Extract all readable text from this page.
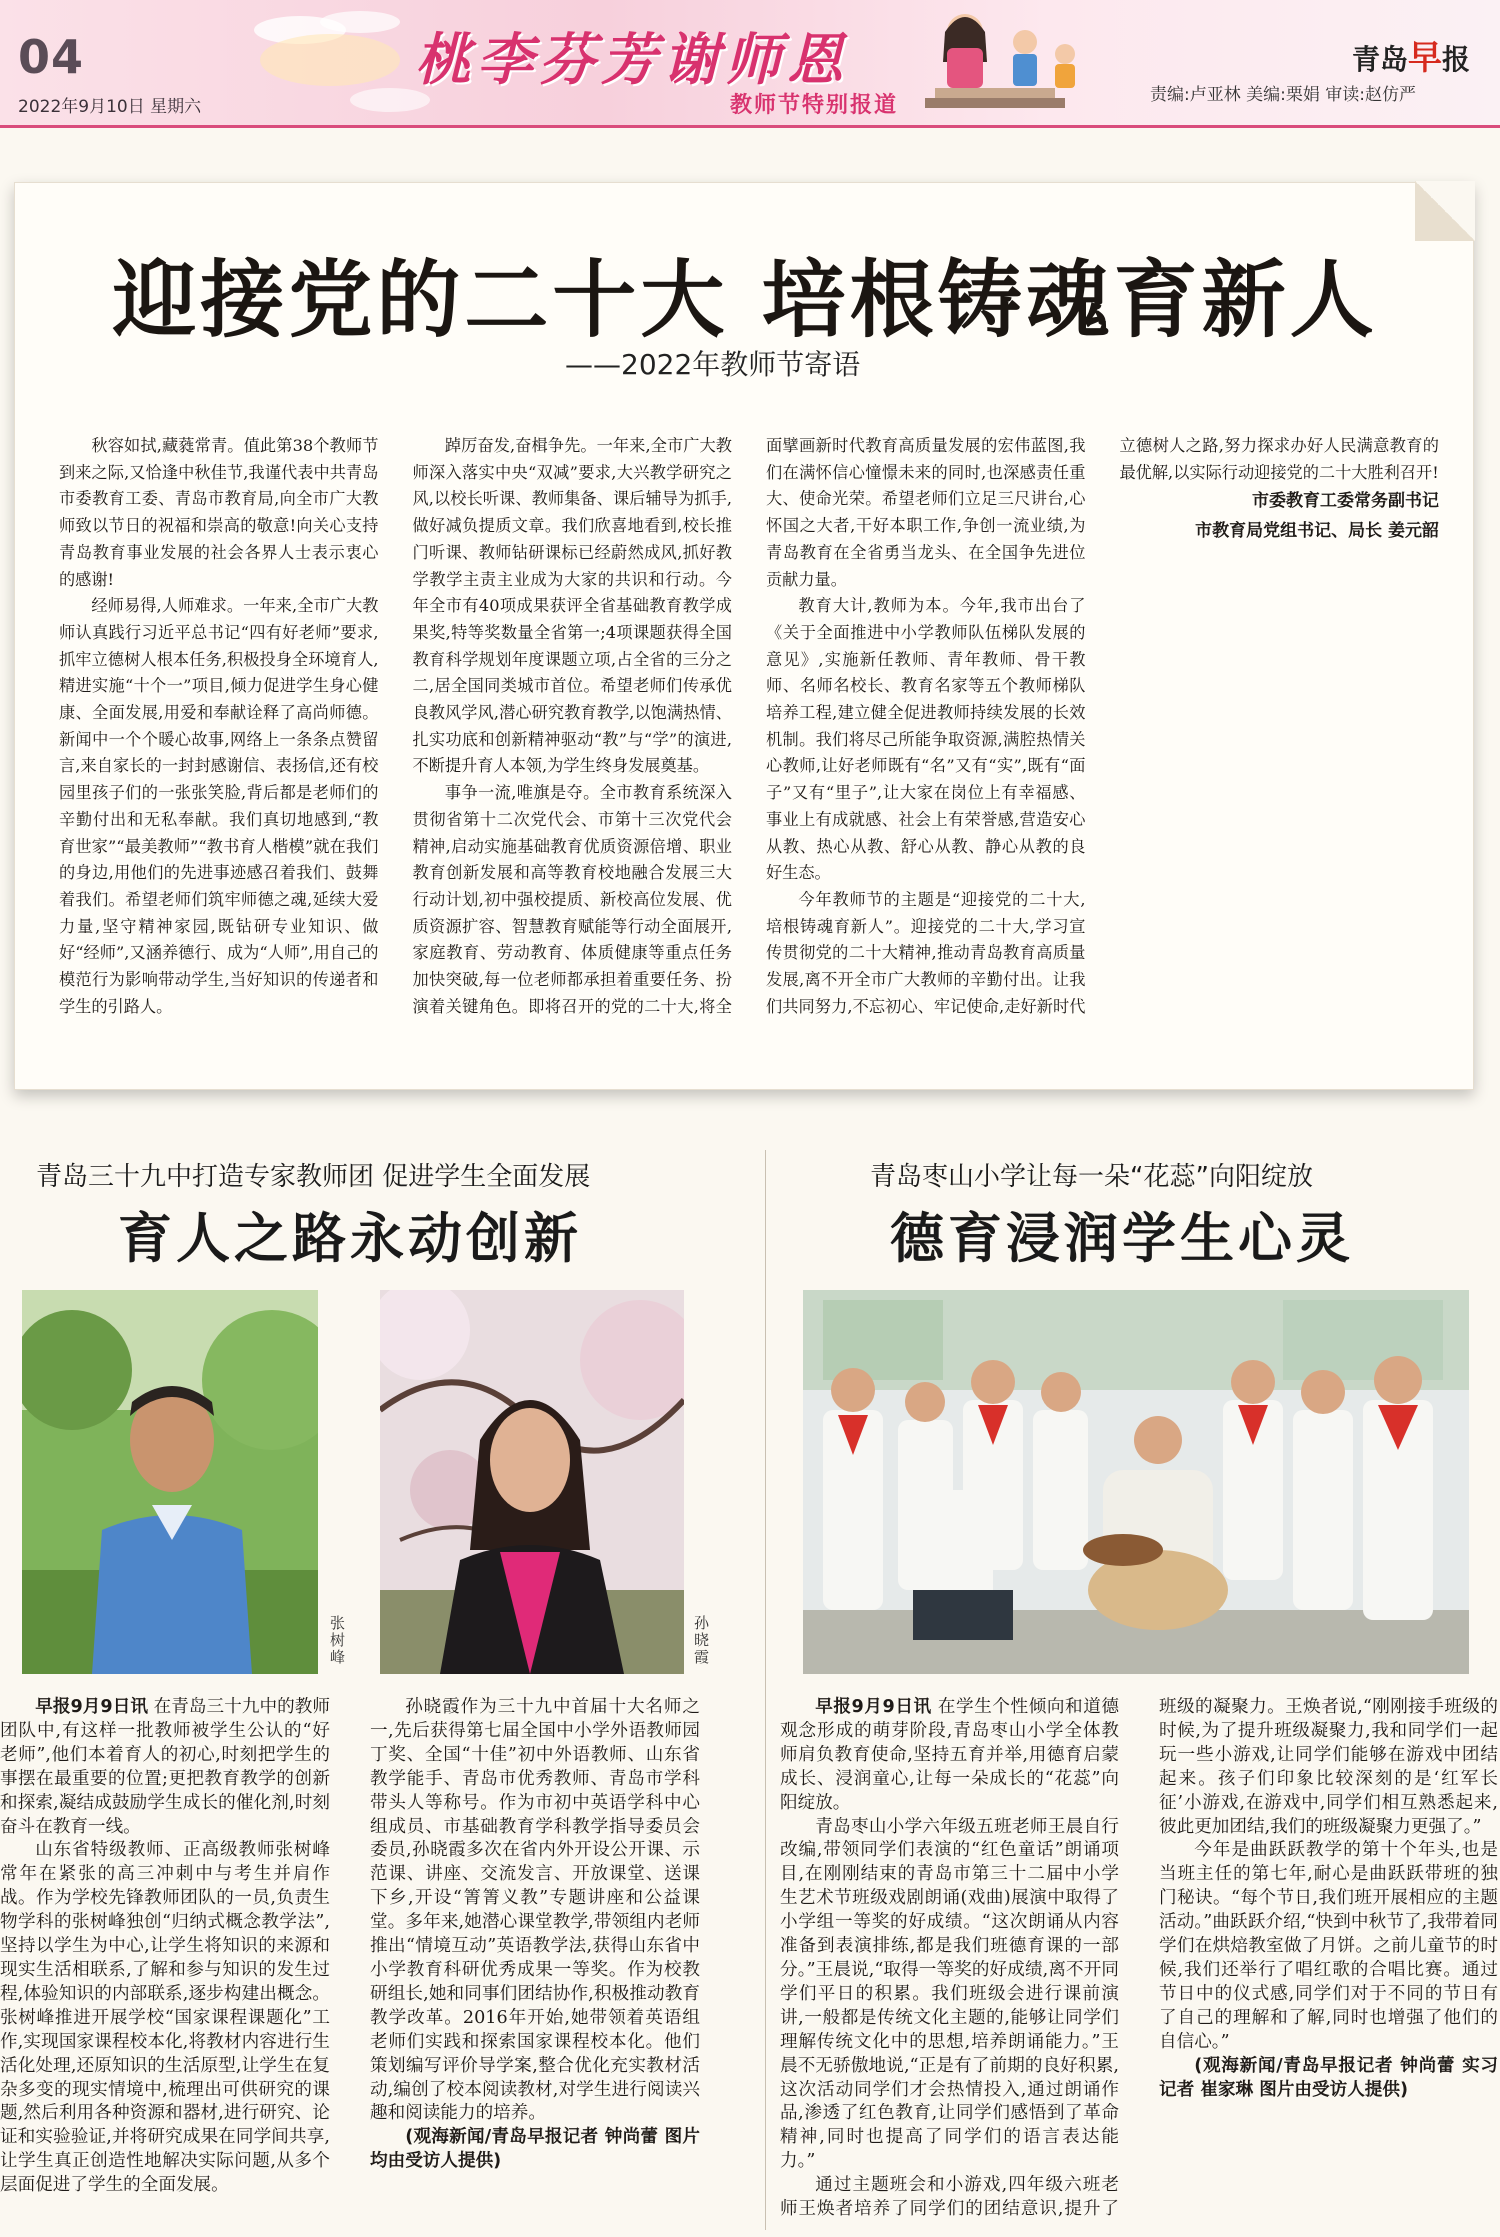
04
2022年9月10日 星期六
桃李芬芳谢师恩
教师节特别报道
青岛早报
责编:卢亚林 美编:栗娟 审读:赵仿严
迎接党的二十大 培根铸魂育新人
——2022年教师节寄语

秋容如拭,藏蕤常青。值此第38个教师节到来之际,又恰逢中秋佳节,我谨代表中共青岛市委教育工委、青岛市教育局,向全市广大教师致以节日的祝福和崇高的敬意!向关心支持青岛教育事业发展的社会各界人士表示衷心的感谢!

经师易得,人师难求。一年来,全市广大教师认真践行习近平总书记“四有好老师”要求,抓牢立德树人根本任务,积极投身全环境育人,精进实施“十个一”项目,倾力促进学生身心健康、全面发展,用爱和奉献诠释了高尚师德。新闻中一个个暖心故事,网络上一条条点赞留言,来自家长的一封封感谢信、表扬信,还有校园里孩子们的一张张笑脸,背后都是老师们的辛勤付出和无私奉献。我们真切地感到,“教育世家”“最美教师”“教书育人楷模”就在我们的身边,用他们的先进事迹感召着我们、鼓舞着我们。希望老师们筑牢师德之魂,延续大爱力量,坚守精神家园,既钻研专业知识、做好“经师”,又涵养德行、成为“人师”,用自己的模范行为影响带动学生,当好知识的传递者和学生的引路人。

踔厉奋发,奋楫争先。一年来,全市广大教师深入落实中央“双减”要求,大兴教学研究之风,以校长听课、教师集备、课后辅导为抓手,做好减负提质文章。我们欣喜地看到,校长推门听课、教师钻研课标已经蔚然成风,抓好教学教学主责主业成为大家的共识和行动。今年全市有40项成果获评全省基础教育教学成果奖,特等奖数量全省第一;4项课题获得全国教育科学规划年度课题立项,占全省的三分之二,居全国同类城市首位。希望老师们传承优良教风学风,潜心研究教育教学,以饱满热情、扎实功底和创新精神驱动“教”与“学”的演进,不断提升育人本领,为学生终身发展奠基。

事争一流,唯旗是夺。全市教育系统深入贯彻省第十二次党代会、市第十三次党代会精神,启动实施基础教育优质资源倍增、职业教育创新发展和高等教育校地融合发展三大行动计划,初中强校提质、新校高位发展、优质资源扩容、智慧教育赋能等行动全面展开,家庭教育、劳动教育、体质健康等重点任务加快突破,每一位老师都承担着重要任务、扮演着关键角色。即将召开的党的二十大,将全面擘画新时代教育高质量发展的宏伟蓝图,我们在满怀信心憧憬未来的同时,也深感责任重大、使命光荣。希望老师们立足三尺讲台,心怀国之大者,干好本职工作,争创一流业绩,为青岛教育在全省勇当龙头、在全国争先进位贡献力量。

教育大计,教师为本。今年,我市出台了《关于全面推进中小学教师队伍梯队发展的意见》,实施新任教师、青年教师、骨干教师、名师名校长、教育名家等五个教师梯队培养工程,建立健全促进教师持续发展的长效机制。我们将尽己所能争取资源,满腔热情关心教师,让好老师既有“名”又有“实”,既有“面子”又有“里子”,让大家在岗位上有幸福感、事业上有成就感、社会上有荣誉感,营造安心从教、热心从教、舒心从教、静心从教的良好生态。

今年教师节的主题是“迎接党的二十大,培根铸魂育新人”。迎接党的二十大,学习宣传贯彻党的二十大精神,推动青岛教育高质量发展,离不开全市广大教师的辛勤付出。让我们共同努力,不忘初心、牢记使命,走好新时代立德树人之路,努力探求办好人民满意教育的最优解,以实际行动迎接党的二十大胜利召开!

市委教育工委常务副书记

市教育局党组书记、局长 姜元韶

青岛三十九中打造专家教师团 促进学生全面发展
育人之路永动创新
张树峰
孙晓霞

早报9月9日讯 在青岛三十九中的教师团队中,有这样一批教师被学生公认的“好老师”,他们本着育人的初心,时刻把学生的事摆在最重要的位置;更把教育教学的创新和探索,凝结成鼓励学生成长的催化剂,时刻奋斗在教育一线。

山东省特级教师、正高级教师张树峰常年在紧张的高三冲刺中与考生并肩作战。作为学校先锋教师团队的一员,负责生物学科的张树峰独创“归纳式概念教学法”,坚持以学生为中心,让学生将知识的来源和现实生活相联系,了解和参与知识的发生过程,体验知识的内部联系,逐步构建出概念。张树峰推进开展学校“国家课程课题化”工作,实现国家课程校本化,将教材内容进行生活化处理,还原知识的生活原型,让学生在复杂多变的现实情境中,梳理出可供研究的课题,然后利用各种资源和器材,进行研究、论证和实验验证,并将研究成果在同学间共享,让学生真正创造性地解决实际问题,从多个层面促进了学生的全面发展。

孙晓霞作为三十九中首届十大名师之一,先后获得第七届全国中小学外语教师园丁奖、全国“十佳”初中外语教师、山东省教学能手、青岛市优秀教师、青岛市学科带头人等称号。作为市初中英语学科中心组成员、市基础教育学科教学指导委员会委员,孙晓霞多次在省内外开设公开课、示范课、讲座、交流发言、开放课堂、送课下乡,开设“箐箐义教”专题讲座和公益课堂。多年来,她潜心课堂教学,带领组内老师推出“情境互动”英语教学法,获得山东省中小学教育科研优秀成果一等奖。作为校教研组长,她和同事们团结协作,积极推动教育教学改革。2016年开始,她带领着英语组老师们实践和探索国家课程校本化。他们策划编写评价导学案,整合优化充实教材活动,编创了校本阅读教材,对学生进行阅读兴趣和阅读能力的培养。

(观海新闻/青岛早报记者 钟尚蕾 图片均由受访人提供)

青岛枣山小学让每一朵“花蕊”向阳绽放
德育浸润学生心灵

早报9月9日讯 在学生个性倾向和道德观念形成的萌芽阶段,青岛枣山小学全体教师肩负教育使命,坚持五育并举,用德育启蒙成长、浸润童心,让每一朵成长的“花蕊”向阳绽放。

青岛枣山小学六年级五班老师王晨自行改编,带领同学们表演的“红色童话”朗诵项目,在刚刚结束的青岛市第三十二届中小学生艺术节班级戏剧朗诵(戏曲)展演中取得了小学组一等奖的好成绩。“这次朗诵从内容准备到表演排练,都是我们班德育课的一部分。”王晨说,“取得一等奖的好成绩,离不开同学们平日的积累。我们班级会进行课前演讲,一般都是传统文化主题的,能够让同学们理解传统文化中的思想,培养朗诵能力。”王晨不无骄傲地说,“正是有了前期的良好积累,这次活动同学们才会热情投入,通过朗诵作品,渗透了红色教育,让同学们感悟到了革命精神,同时也提高了同学们的语言表达能力。”

通过主题班会和小游戏,四年级六班老师王焕者培养了同学们的团结意识,提升了班级的凝聚力。王焕者说,“刚刚接手班级的时候,为了提升班级凝聚力,我和同学们一起玩一些小游戏,让同学们能够在游戏中团结起来。孩子们印象比较深刻的是‘红军长征’小游戏,在游戏中,同学们相互熟悉起来,彼此更加团结,我们的班级凝聚力更强了。”

今年是曲跃跃教学的第十个年头,也是当班主任的第七年,耐心是曲跃跃带班的独门秘诀。“每个节日,我们班开展相应的主题活动。”曲跃跃介绍,“快到中秋节了,我带着同学们在烘焙教室做了月饼。之前儿童节的时候,我们还举行了唱红歌的合唱比赛。通过节日中的仪式感,同学们对于不同的节日有了自己的理解和了解,同时也增强了他们的自信心。”

(观海新闻/青岛早报记者 钟尚蕾 实习记者 崔家琳 图片由受访人提供)
